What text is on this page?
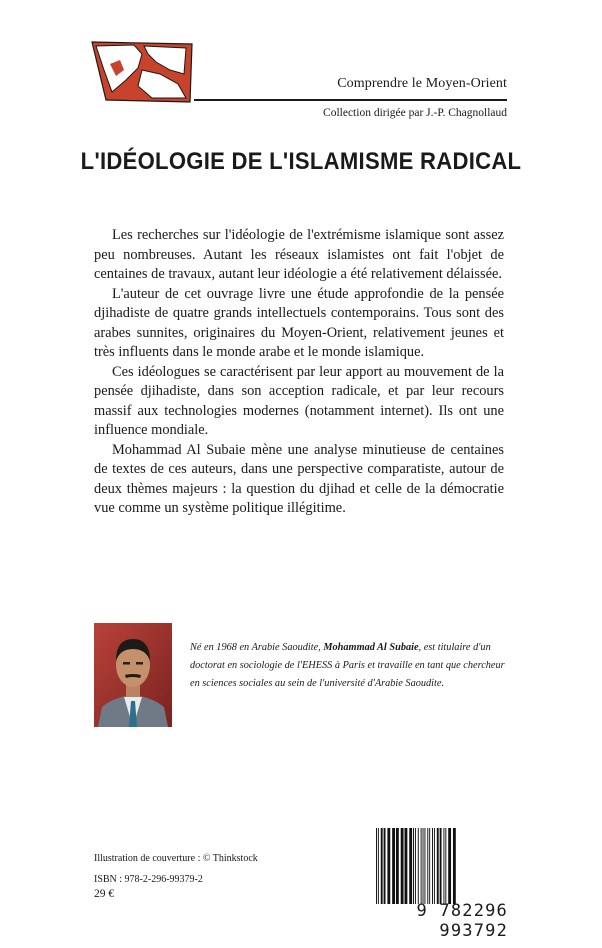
Comprendre le Moyen-Orient
Collection dirigée par J.-P. Chagnollaud
L'IDÉOLOGIE DE L'ISLAMISME RADICAL

Les recherches sur l'idéologie de l'extrémisme islamique sont assez peu nombreuses. Autant les réseaux islamistes ont fait l'objet de centaines de travaux, autant leur idéologie a été relativement délaissée.

L'auteur de cet ouvrage livre une étude approfondie de la pensée djihadiste de quatre grands intellectuels contemporains. Tous sont des arabes sunnites, originaires du Moyen-Orient, relativement jeunes et très influents dans le monde arabe et le monde islamique.

Ces idéologues se caractérisent par leur apport au mouvement de la pensée djihadiste, dans son acception radicale, et par leur recours massif aux technologies modernes (notamment internet). Ils ont une influence mondiale.

Mohammad Al Subaie mène une analyse minutieuse de centaines de textes de ces auteurs, dans une perspective comparatiste, autour de deux thèmes majeurs : la question du djihad et celle de la démocratie vue comme un système politique illégitime.

Né en 1968 en Arabie Saoudite, Mohammad Al Subaie, est titulaire d'un doctorat en sociologie de l'EHESS à Paris et travaille en tant que chercheur en sciences sociales au sein de l'université d'Arabie Saoudite.
Illustration de couverture : © Thinkstock
ISBN : 978-2-296-99379-2
29 €
9 782296 993792
